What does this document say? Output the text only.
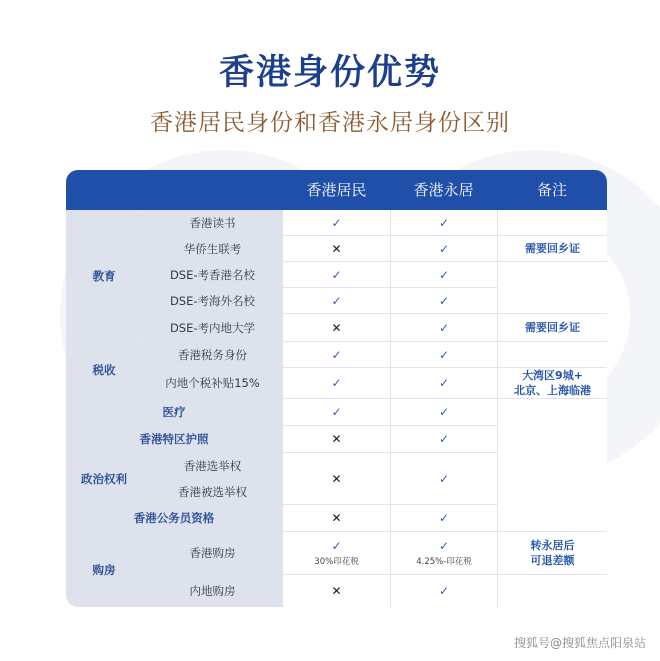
香港身份优势
香港居民身份和香港永居身份区别
香港居民	香港永居	备注
教育
税收
医疗
香港特区护照
政治权利
香港公务员资格
购房
香港读书
华侨生联考
DSE-考香港名校
DSE-考海外名校
DSE-考内地大学
香港税务身份
内地个税补贴15%
香港选举权
香港被选举权
香港购房
内地购房
✓
✕
✓
✓
✕
✓
✓
✓
✕
✕
✕
✓
30%印花税
✕
✓
✓
✓
✓
✓
✓
✓
✓
✓
✓
✓
✓
4.25%-印花税
✓
需要回乡证
需要回乡证
大湾区9城+
北京、上海临港
转永居后
可退差额
搜狐号@搜狐焦点阳泉站
